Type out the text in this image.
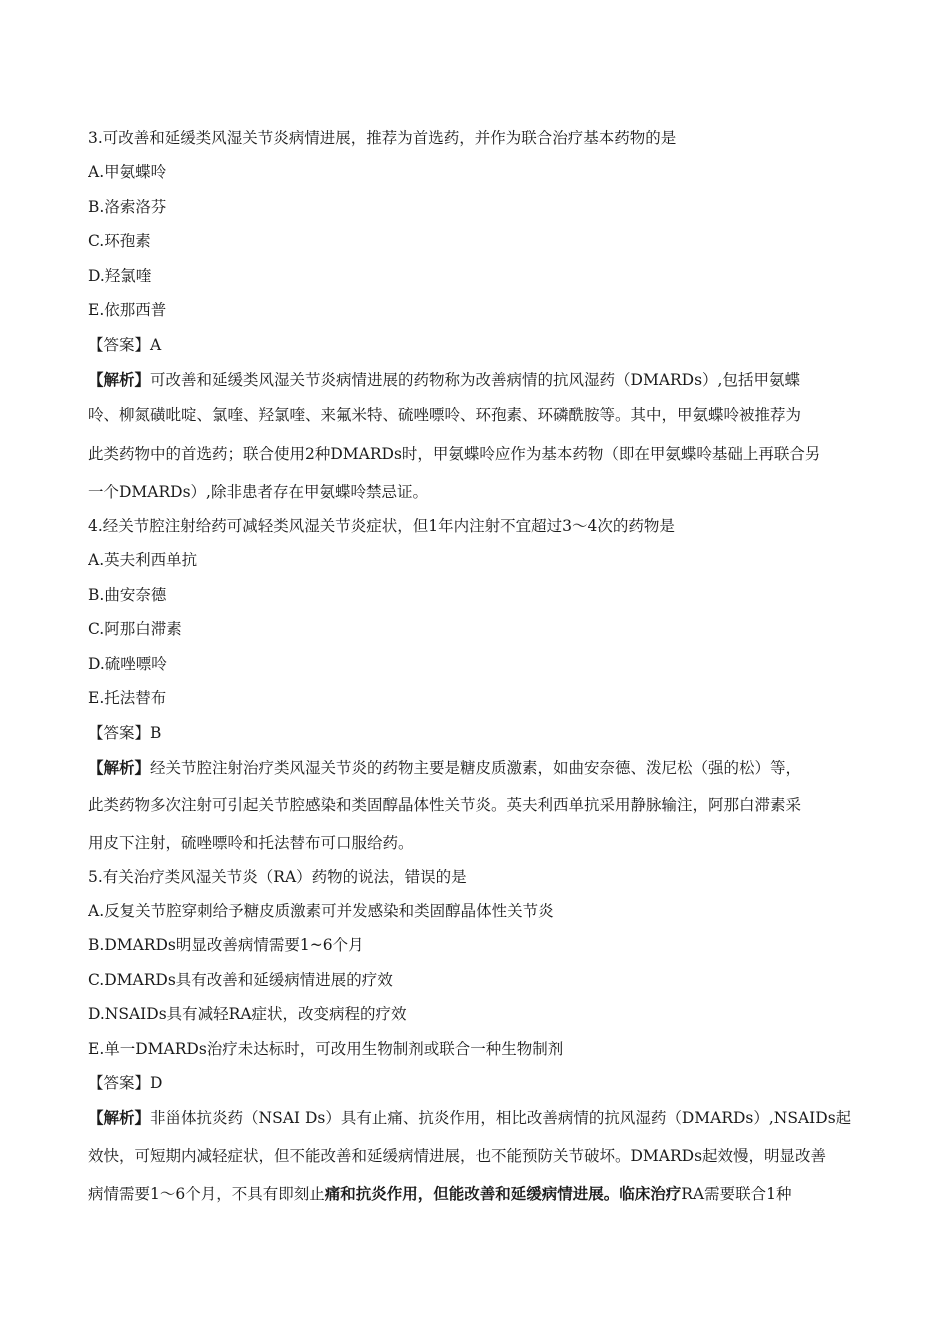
3.可改善和延缓类风湿关节炎病情进展，推荐为首选药，并作为联合治疗基本药物的是
A.甲氨蝶呤
B.洛索洛芬
C.环孢素
D.羟氯喹
E.依那西普
【答案】A
【解析】可改善和延缓类风湿关节炎病情进展的药物称为改善病情的抗风湿药（DMARDs）,包括甲氨蝶
呤、柳氮磺吡啶、氯喹、羟氯喹、来氟米特、硫唑嘌呤、环孢素、环磷酰胺等。其中，甲氨蝶呤被推荐为
此类药物中的首选药；联合使用2种DMARDs时，甲氨蝶呤应作为基本药物（即在甲氨蝶呤基础上再联合另
一个DMARDs）,除非患者存在甲氨蝶呤禁忌证。
4.经关节腔注射给药可减轻类风湿关节炎症状，但1年内注射不宜超过3～4次的药物是
A.英夫利西单抗
B.曲安奈德
C.阿那白滞素
D.硫唑嘌呤
E.托法替布
【答案】B
【解析】经关节腔注射治疗类风湿关节炎的药物主要是糖皮质激素，如曲安奈德、泼尼松（强的松）等，
此类药物多次注射可引起关节腔感染和类固醇晶体性关节炎。英夫利西单抗采用静脉输注，阿那白滞素采
用皮下注射，硫唑嘌呤和托法替布可口服给药。
5.有关治疗类风湿关节炎（RA）药物的说法，错误的是
A.反复关节腔穿刺给予糖皮质激素可并发感染和类固醇晶体性关节炎
B.DMARDs明显改善病情需要1~6个月
C.DMARDs具有改善和延缓病情进展的疗效
D.NSAIDs具有减轻RA症状，改变病程的疗效
E.单一DMARDs治疗未达标时，可改用生物制剂或联合一种生物制剂
【答案】D
【解析】非甾体抗炎药（NSAI Ds）具有止痛、抗炎作用，相比改善病情的抗风湿药（DMARDs）,NSAIDs起
效快，可短期内减轻症状，但不能改善和延缓病情进展，也不能预防关节破坏。DMARDs起效慢，明显改善
病情需要1～6个月，不具有即刻止痛和抗炎作用，但能改善和延缓病情进展。临床治疗RA需要联合1种
